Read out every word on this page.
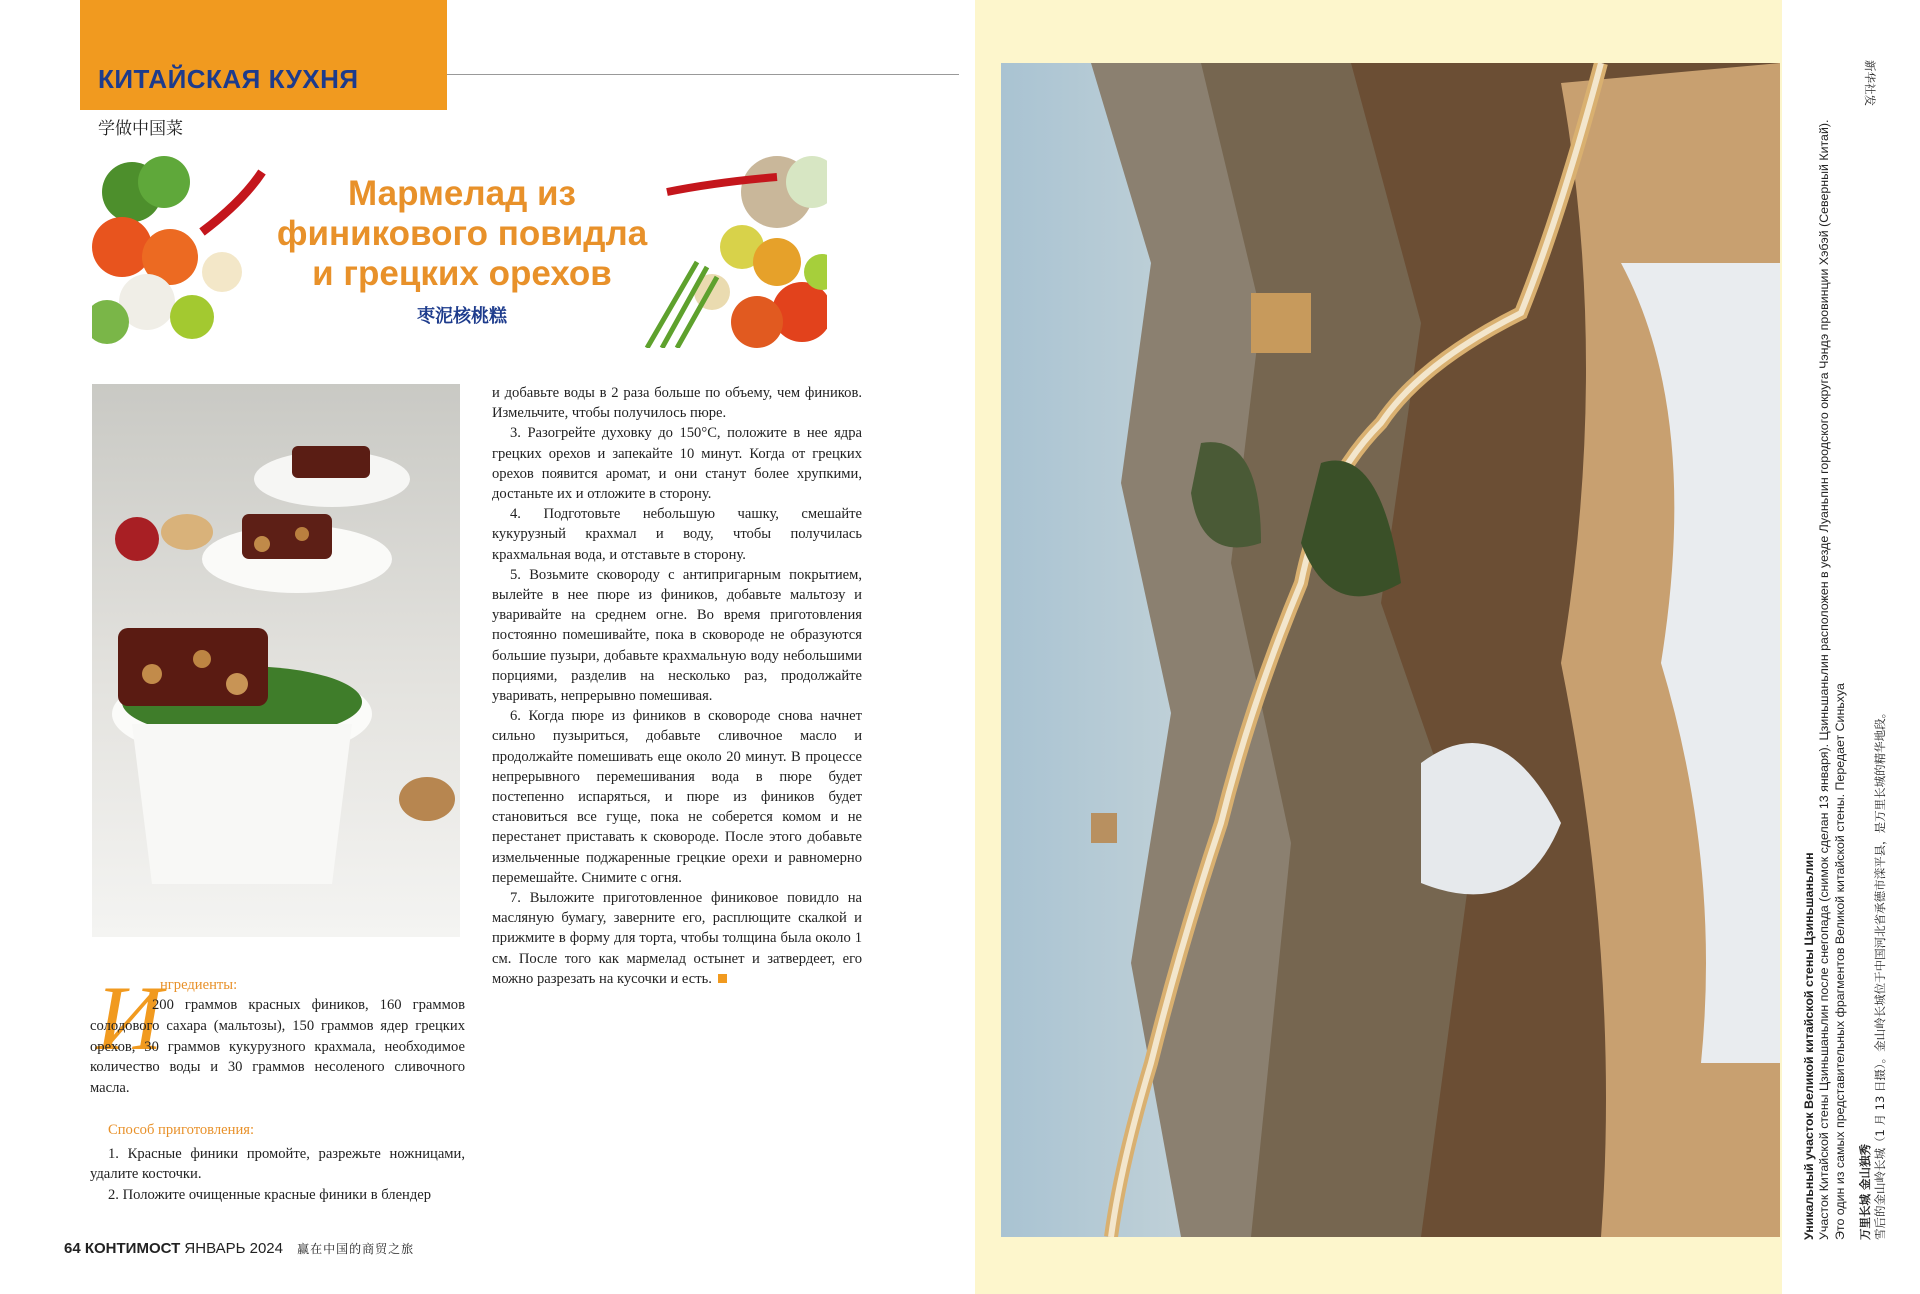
КИТАЙСКАЯ КУХНЯ
学做中国菜
Мармелад из финикового повидла и грецких орехов
枣泥核桃糕

и добавьте воды в 2 раза больше по объему, чем фиников. Измельчите, чтобы получилось пюре.

3. Разогрейте духовку до 150°C, положите в нее ядра грецких орехов и запекайте 10 минут. Когда от грецких орехов появится аромат, и они станут более хрупкими, достаньте их и отложите в сторону.

4. Подготовьте небольшую чашку, смешайте кукурузный крахмал и воду, чтобы получилась крахмальная вода, и отставьте в сторону.

5. Возьмите сковороду с антипригарным покрытием, вылейте в нее пюре из фиников, добавьте мальтозу и уваривайте на среднем огне. Во время приготовления постоянно помешивайте, пока в сковороде не образуются большие пузыри, добавьте крахмальную воду небольшими порциями, разделив на несколько раз, продолжайте уваривать, непрерывно помешивая.

6. Когда пюре из фиников в сковороде снова начнет сильно пузыриться, добавьте сливочное масло и продолжайте помешивать еще около 20 минут. В процессе непрерывного перемешивания вода в пюре будет постепенно испаряться, и пюре из фиников будет становиться все гуще, пока не соберется комом и не перестанет приставать к сковороде. После этого добавьте измельченные поджаренные грецкие орехи и равномерно перемешайте. Снимите с огня.

7. Выложите приготовленное финиковое повидло на масляную бумагу, заверните его, расплющите скалкой и прижмите в форму для торта, чтобы толщина была около 1 см. После того как мармелад остынет и затвердеет, его можно разрезать на кусочки и есть.

И
нгредиенты:
200 граммов красных фиников, 160 граммов солодового сахара (мальтозы), 150 граммов ядер грецких орехов, 30 граммов кукурузного крахмала, необходимое количество воды и 30 граммов несоленого сливочного масла.
Способ приготовления:

1. Красные финики промойте, разрежьте ножницами, удалите косточки.

2. Положите очищенные красные финики в блендер

64 КОНТИМОСТ ЯНВАРЬ 2024 赢在中国的商贸之旅
Уникальный участок Великой китайской стены Цзиньшаньлин Участок Китайской стены Цзиньшаньлин после снегопада (снимок сделан 13 января). Цзиньшаньлин расположен в уезде Луаньпин городского округа Чэндэ провинции Хэбэй (Северный Китай). Это один из самых представительных фрагментов Великой китайской стены. Передает Синьхуа 万里长城 金山独秀 雪后的金山岭长城（1 月 13 日摄）。金山岭长城位于中国河北省承德市滦平县，是万里长城的精华地段。
新华社发
